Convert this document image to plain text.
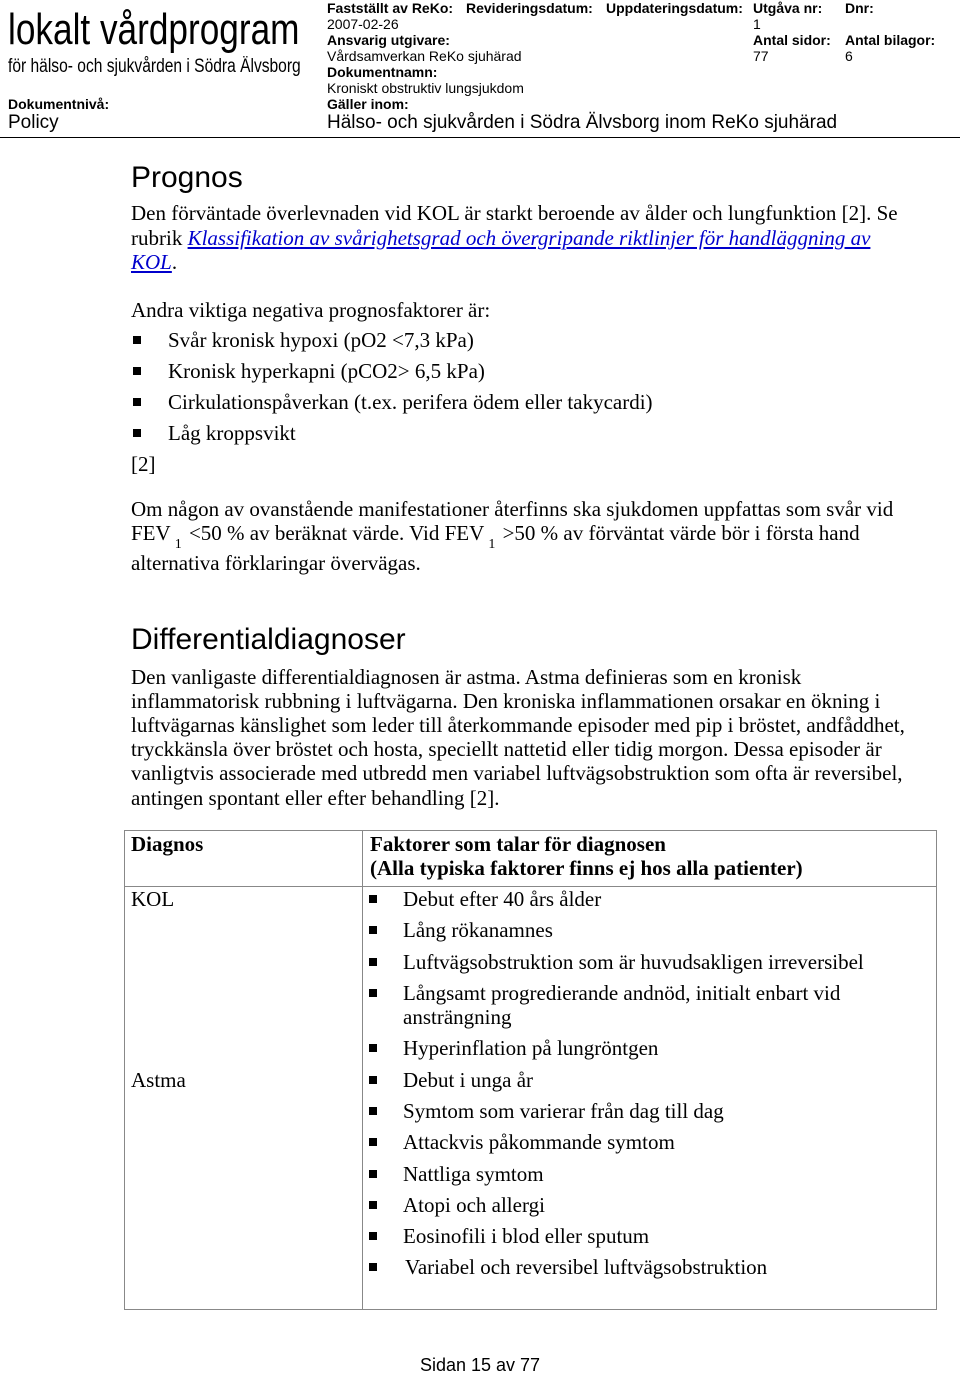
lokalt vårdprogram
för hälso- och sjukvården i Södra Älvsborg
Dokumentnivå:
Policy
Fastställt av ReKo: Revideringsdatum: Uppdateringsdatum: Utgåva nr: Dnr:
2007-02-26	1
Ansvarig utgivare:	Antal sidor: Antal bilagor:
Vårdsamverkan ReKo sjuhärad	77	6
Dokumentnamn:
Kroniskt obstruktiv lungsjukdom
Gäller inom:
Hälso- och sjukvården i Södra Älvsborg inom ReKo sjuhärad
Prognos
Den förväntade överlevnaden vid KOL är starkt beroende av ålder och lungfunktion [2]. Se
rubrik Klassifikation av svårighetsgrad och övergripande riktlinjer för handläggning av
KOL.
Andra viktiga negativa prognosfaktorer är:
Svår kronisk hypoxi (pO2 <7,3 kPa)
Kronisk hyperkapni (pCO2> 6,5 kPa)
Cirkulationspåverkan (t.ex. perifera ödem eller takycardi)
Låg kroppsvikt
[2]
Om någon av ovanstående manifestationer återfinns ska sjukdomen uppfattas som svår vid
FEV $_1$ <50 % av beräknat värde. Vid FEV $_1$ >50 % av förväntat värde bör i första hand
alternativa förklaringar övervägas.
Differentialdiagnoser
Den vanligaste differentialdiagnosen är astma. Astma definieras som en kronisk
inflammatorisk rubbning i luftvägarna. Den kroniska inflammationen orsakar en ökning i
luftvägarnas känslighet som leder till återkommande episoder med pip i bröstet, andfåddhet,
tryckkänsla över bröstet och hosta, speciellt nattetid eller tidig morgon. Dessa episoder är
vanligtvis associerade med utbredd men variabel luftvägsobstruktion som ofta är reversibel,
antingen spontant eller efter behandling [2].
Diagnos	Faktorer som talar för diagnosen
(Alla typiska faktorer finns ej hos alla patienter)
KOL	Debut efter 40 års ålder
Lång rökanamnes
Luftvägsobstruktion som är huvudsakligen irreversibel
Långsamt progredierande andnöd, initialt enbart vid ansträngning
Hyperinflation på lungröntgen
Astma	Debut i unga år
Symtom som varierar från dag till dag
Attackvis påkommande symtom
Nattliga symtom
Atopi och allergi
Eosinofili i blod eller sputum
Variabel och reversibel luftvägsobstruktion
Sidan 15 av 77
